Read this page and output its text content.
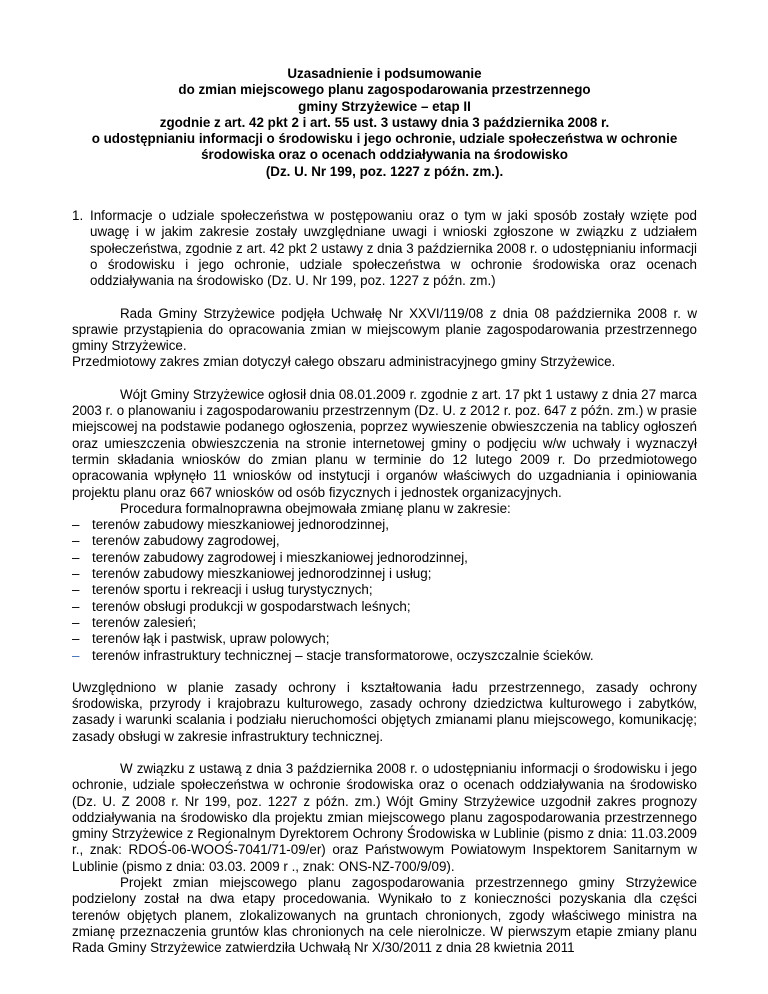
Uzasadnienie i podsumowanie
do zmian miejscowego planu zagospodarowania przestrzennego
gminy Strzyżewice – etap II
zgodnie z art. 42 pkt 2 i art. 55 ust. 3 ustawy dnia 3 października 2008 r.
o udostępnianiu informacji o środowisku i jego ochronie, udziale społeczeństwa w ochronie
środowiska oraz o ocenach oddziaływania na środowisko
(Dz. U. Nr 199, poz. 1227 z późn. zm.).
1. Informacje o udziale społeczeństwa w postępowaniu oraz o tym w jaki sposób zostały wzięte pod uwagę i w jakim zakresie zostały uwzględniane uwagi i wnioski zgłoszone w związku z udziałem społeczeństwa, zgodnie z art. 42 pkt 2 ustawy z dnia 3 października 2008 r. o udostępnianiu informacji o środowisku i jego ochronie, udziale społeczeństwa w ochronie środowiska oraz ocenach oddziaływania na środowisko (Dz. U. Nr 199, poz. 1227 z późn. zm.)

Rada Gminy Strzyżewice podjęła Uchwałę Nr XXVI/119/08 z dnia 08 października 2008 r. w sprawie przystąpienia do opracowania zmian w miejscowym planie zagospodarowania przestrzennego gminy Strzyżewice.

Przedmiotowy zakres zmian dotyczył całego obszaru administracyjnego gminy Strzyżewice.

Wójt Gminy Strzyżewice ogłosił dnia 08.01.2009 r. zgodnie z art. 17 pkt 1 ustawy z dnia 27 marca 2003 r. o planowaniu i zagospodarowaniu przestrzennym (Dz. U. z 2012 r. poz. 647 z późn. zm.) w prasie miejscowej na podstawie podanego ogłoszenia, poprzez wywieszenie obwieszczenia na tablicy ogłoszeń oraz umieszczenia obwieszczenia na stronie internetowej gminy o podjęciu w/w uchwały i wyznaczył termin składania wniosków do zmian planu w terminie do 12 lutego 2009 r. Do przedmiotowego opracowania wpłynęło 11 wniosków od instytucji i organów właściwych do uzgadniania i opiniowania projektu planu oraz 667 wniosków od osób fizycznych i jednostek organizacyjnych.

Procedura formalnoprawna obejmowała zmianę planu w zakresie:

– terenów zabudowy mieszkaniowej jednorodzinnej,
– terenów zabudowy zagrodowej,
– terenów zabudowy zagrodowej i mieszkaniowej jednorodzinnej,
– terenów zabudowy mieszkaniowej jednorodzinnej i usług;
– terenów sportu i rekreacji i usług turystycznych;
– terenów obsługi produkcji w gospodarstwach leśnych;
– terenów zalesień;
– terenów łąk i pastwisk, upraw polowych;
– terenów infrastruktury technicznej – stacje transformatorowe, oczyszczalnie ścieków.

Uwzględniono w planie zasady ochrony i kształtowania ładu przestrzennego, zasady ochrony środowiska, przyrody i krajobrazu kulturowego, zasady ochrony dziedzictwa kulturowego i zabytków, zasady i warunki scalania i podziału nieruchomości objętych zmianami planu miejscowego, komunikację; zasady obsługi w zakresie infrastruktury technicznej.

W związku z ustawą z dnia 3 października 2008 r. o udostępnianiu informacji o środowisku i jego ochronie, udziale społeczeństwa w ochronie środowiska oraz o ocenach oddziaływania na środowisko (Dz. U. Z 2008 r. Nr 199, poz. 1227 z późn. zm.) Wójt Gminy Strzyżewice uzgodnił zakres prognozy oddziaływania na środowisko dla projektu zmian miejscowego planu zagospodarowania przestrzennego gminy Strzyżewice z Regionalnym Dyrektorem Ochrony Środowiska w Lublinie (pismo z dnia: 11.03.2009 r., znak: RDOŚ-06-WOOŚ-7041/71-09/er) oraz Państwowym Powiatowym Inspektorem Sanitarnym w Lublinie (pismo z dnia: 03.03. 2009 r ., znak: ONS-NZ-700/9/09).

Projekt zmian miejscowego planu zagospodarowania przestrzennego gminy Strzyżewice podzielony został na dwa etapy procedowania. Wynikało to z konieczności pozyskania dla części terenów objętych planem, zlokalizowanych na gruntach chronionych, zgody właściwego ministra na zmianę przeznaczenia gruntów klas chronionych na cele nierolnicze. W pierwszym etapie zmiany planu Rada Gminy Strzyżewice zatwierdziła Uchwałą Nr X/30/2011 z dnia 28 kwietnia 2011
